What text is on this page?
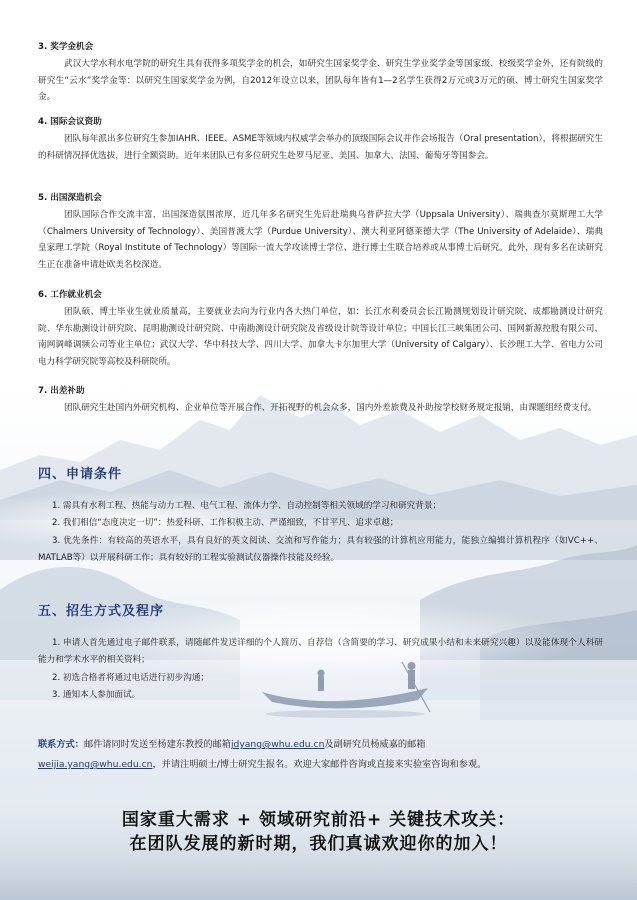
3. 奖学金机会
武汉大学水利水电学院的研究生具有获得多项奖学金的机会，如研究生国家奖学金、研究生学业奖学金等国家级、校级奖学金外，还有院级的研究生“云水”奖学金等：以研究生国家奖学金为例，自2012年设立以来，团队每年皆有1—2名学生获得2万元或3万元的硕、博士研究生国家奖学金。
4. 国际会议资助
团队每年派出多位研究生参加IAHR、IEEE、ASME等领域内权威学会举办的顶级国际会议并作会场报告（Oral presentation），将根据研究生的科研情况择优选拔，进行全额资助。近年来团队已有多位研究生赴罗马尼亚、美国、加拿大、法国、葡萄牙等国参会。
5. 出国深造机会
团队国际合作交流丰富，出国深造氛围浓厚，近几年多名研究生先后赴瑞典乌普萨拉大学（Uppsala University）、瑞典查尔莫斯理工大学（Chalmers University of Technology）、美国普渡大学（Purdue University）、澳大利亚阿德莱德大学（The University of Adelaide）、瑞典皇家理工学院（Royal Institute of Technology）等国际一流大学攻读博士学位、进行博士生联合培养或从事博士后研究。此外，现有多名在读研究生正在准备申请赴欧美名校深造。
6. 工作就业机会
团队硕、博士毕业生就业质量高，主要就业去向为行业内各大热门单位，如：长江水利委员会长江勘测规划设计研究院、成都勘测设计研究院、华东勘测设计研究院、昆明勘测设计研究院、中南勘测设计研究院及省级设计院等设计单位；中国长江三峡集团公司、国网新源控股有限公司、南网调峰调频公司等业主单位；武汉大学、华中科技大学、四川大学、加拿大卡尔加里大学（University of Calgary）、长沙理工大学、省电力公司电力科学研究院等高校及科研院所。
7. 出差补助
团队研究生赴国内外研究机构、企业单位等开展合作、开拓视野的机会众多，国内外差旅费及补助按学校财务规定报销，由课题组经费支付。
四、申请条件
1. 需具有水利工程、热能与动力工程、电气工程、流体力学、自动控制等相关领域的学习和研究背景；
2. 我们相信“态度决定一切”：热爱科研、工作积极主动、严谨细致，不甘平凡、追求卓越；
3. 优先条件：有较高的英语水平，具有良好的英文阅读、交流和写作能力；具有较强的计算机应用能力，能独立编辑计算机程序（如VC++、MATLAB等）以开展科研工作；具有较好的工程实验测试仪器操作技能及经验。
五、招生方式及程序
1. 申请人首先通过电子邮件联系，请随邮件发送详细的个人简历、自荐信（含简要的学习、研究成果小结和未来研究兴趣）以及能体现个人科研能力和学术水平的相关资料；
2. 初选合格者将通过电话进行初步沟通；
3. 通知本人参加面试。
联系方式：邮件请同时发送至杨建东教授的邮箱jdyang@whu.edu.cn及副研究员杨威嘉的邮箱
weijia.yang@whu.edu.cn，并请注明硕士/博士研究生报名。欢迎大家邮件咨询或直接来实验室咨询和参观。
国家重大需求 + 领域研究前沿+ 关键技术攻关：
在团队发展的新时期，我们真诚欢迎你的加入！
